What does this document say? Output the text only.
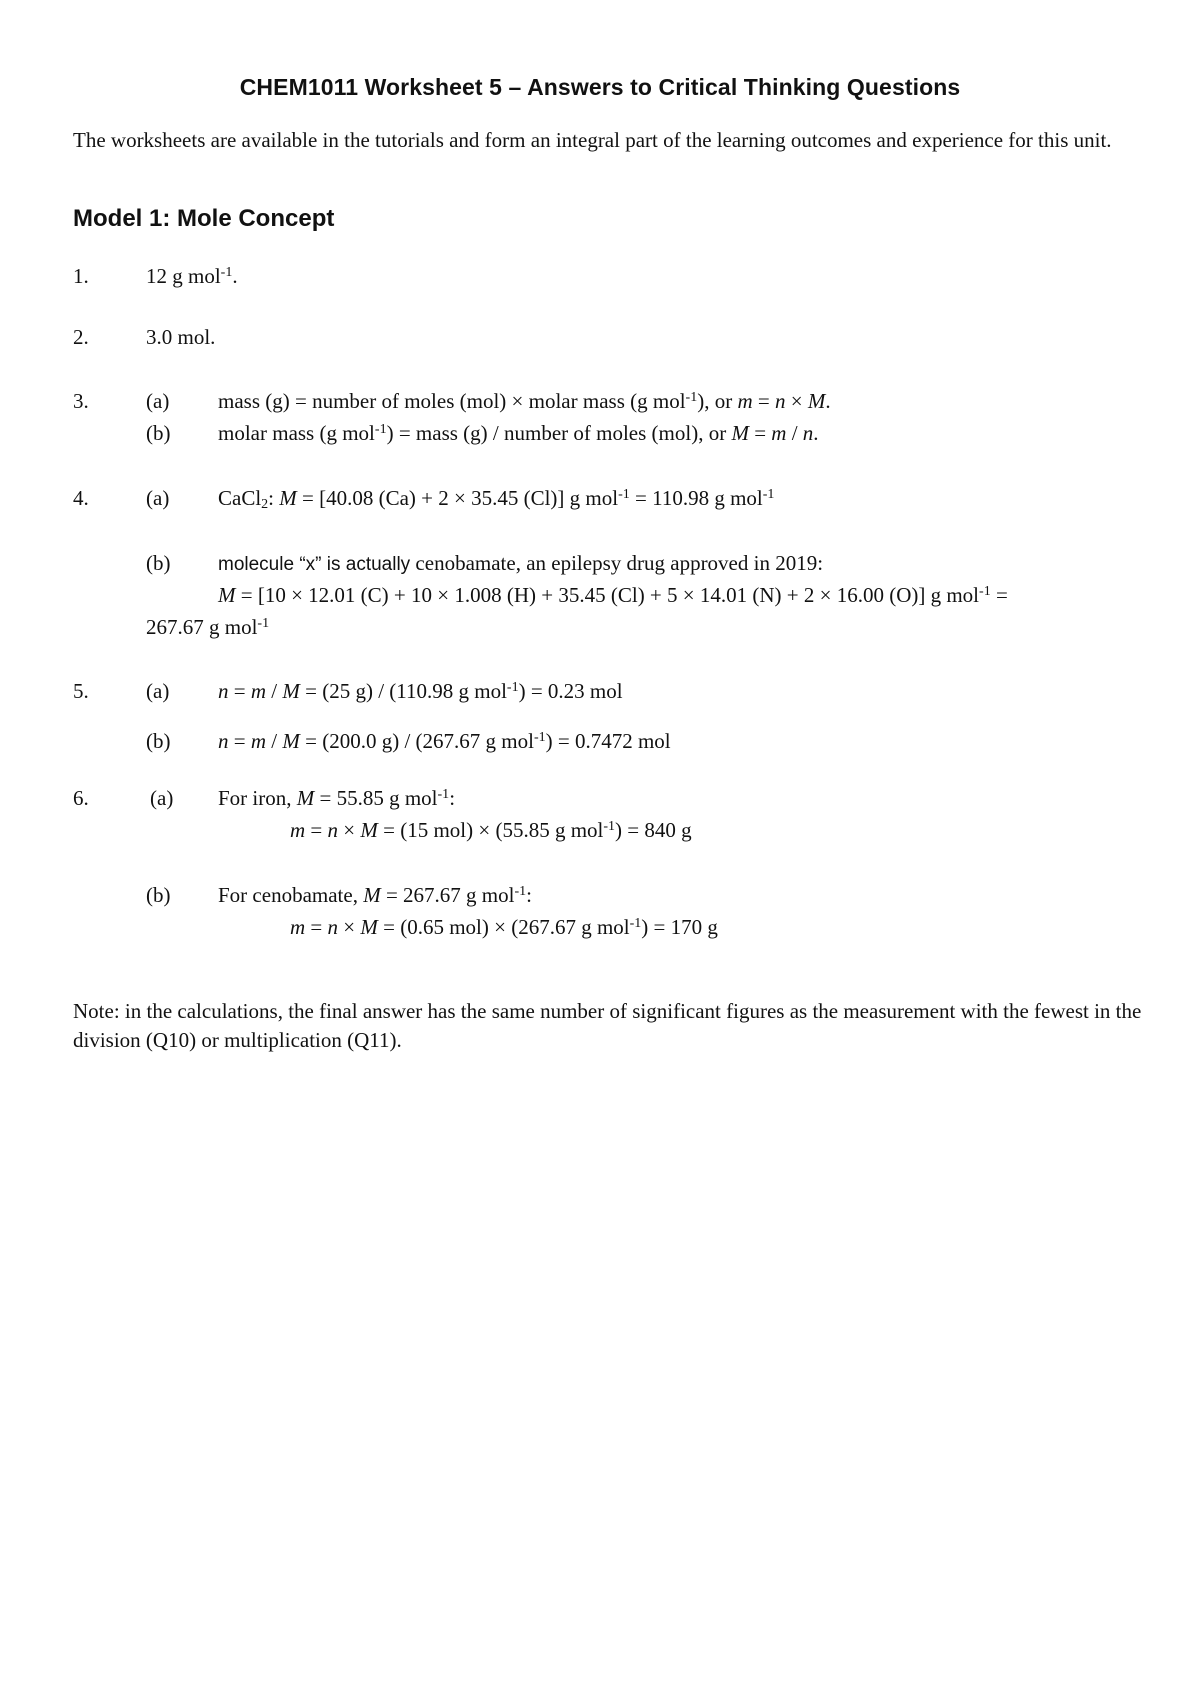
CHEM1011 Worksheet 5 – Answers to Critical Thinking Questions
The worksheets are available in the tutorials and form an integral part of the learning outcomes and experience for this unit.
Model 1: Mole Concept
1.	12 g mol$^{-1}$.
2.	3.0 mol.
3.	(a) mass (g) = number of moles (mol) × molar mass (g mol$^{-1}$), or m = n × M.
(b) molar mass (g mol$^{-1}$) = mass (g) / number of moles (mol), or M = m / n.
4.	(a) CaCl$_2$: M = [40.08 (Ca) + 2 × 35.45 (Cl)] g mol$^{-1}$ = 110.98 g mol$^{-1}$
(b)	molecule “x” is actually cenobamate, an epilepsy drug approved in 2019:
M = [10 × 12.01 (C) + 10 × 1.008 (H) + 35.45 (Cl) + 5 × 14.01 (N) + 2 × 16.00 (O)] g mol$^{-1}$ =
267.67 g mol$^{-1}$
5.	(a) n = m / M = (25 g) / (110.98 g mol$^{-1}$) = 0.23 mol
(b) n = m / M = (200.0 g) / (267.67 g mol$^{-1}$) = 0.7472 mol
6.	(a) For iron, M = 55.85 g mol$^{-1}$:
m = n × M = (15 mol) × (55.85 g mol$^{-1}$) = 840 g
(b) For cenobamate, M = 267.67 g mol$^{-1}$:
m = n × M = (0.65 mol) × (267.67 g mol$^{-1}$) = 170 g
Note: in the calculations, the final answer has the same number of significant figures as the measurement with the fewest in the division (Q10) or multiplication (Q11).
